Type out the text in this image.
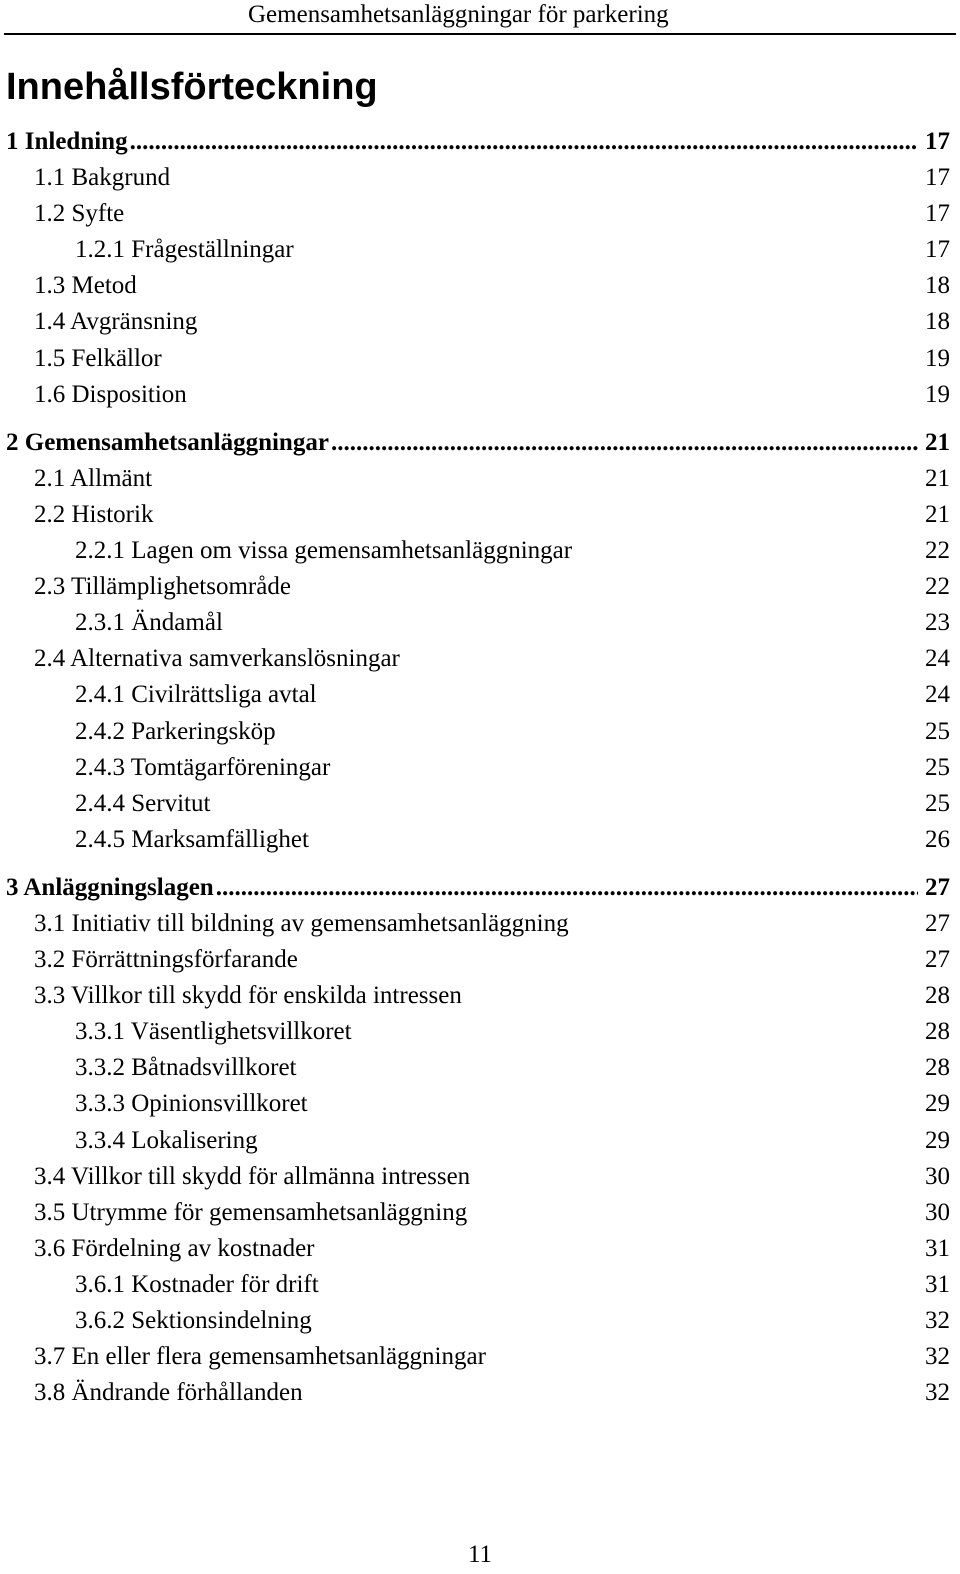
Gemensamhetsanläggningar för parkering
Innehållsförteckning
1 Inledning .....	17
1.1 Bakgrund	17
1.2 Syfte	17
1.2.1 Frågeställningar	17
1.3 Metod	18
1.4 Avgränsning	18
1.5 Felkällor	19
1.6 Disposition	19
2 Gemensamhetsanläggningar .....	21
2.1 Allmänt	21
2.2 Historik	21
2.2.1 Lagen om vissa gemensamhetsanläggningar	22
2.3 Tillämplighetsområde	22
2.3.1 Ändamål	23
2.4 Alternativa samverkanslösningar	24
2.4.1 Civilrättsliga avtal	24
2.4.2 Parkeringsköp	25
2.4.3 Tomtägarföreningar	25
2.4.4 Servitut	25
2.4.5 Marksamfällighet	26
3 Anläggningslagen .....	27
3.1 Initiativ till bildning av gemensamhetsanläggning	27
3.2 Förrättningsförfarande	27
3.3 Villkor till skydd för enskilda intressen	28
3.3.1 Väsentlighetsvillkoret	28
3.3.2 Båtnadsvillkoret	28
3.3.3 Opinionsvillkoret	29
3.3.4 Lokalisering	29
3.4 Villkor till skydd för allmänna intressen	30
3.5 Utrymme för gemensamhetsanläggning	30
3.6 Fördelning av kostnader	31
3.6.1 Kostnader för drift	31
3.6.2 Sektionsindelning	32
3.7 En eller flera gemensamhetsanläggningar	32
3.8 Ändrande förhållanden	32
11
